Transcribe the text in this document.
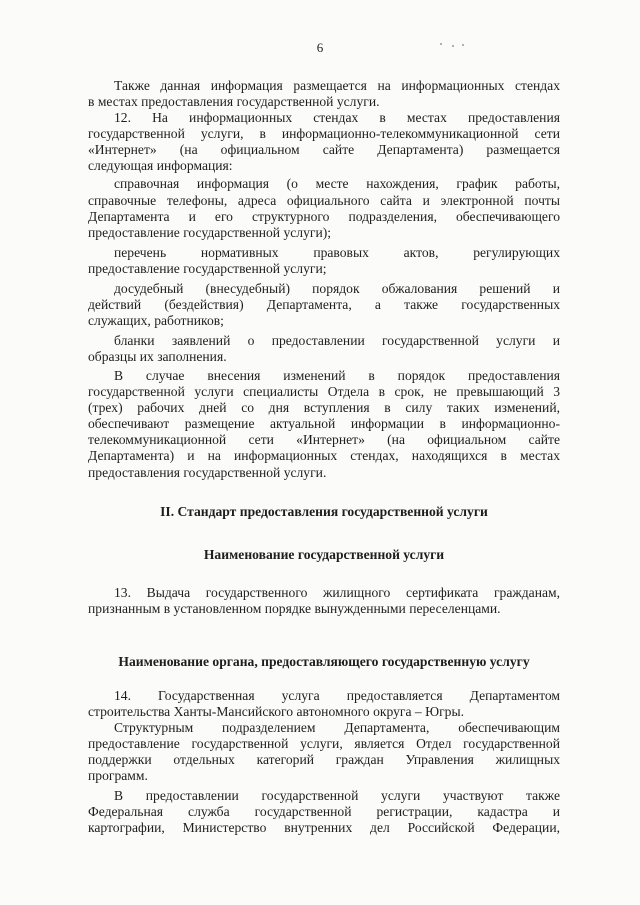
6

Также данная информация размещается на информационных стендах

в местах предоставления государственной услуги.

12. На информационных стендах в местах предоставления

государственной услуги, в информационно-телекоммуникационной сети

«Интернет» (на официальном сайте Департамента) размещается

следующая информация:

справочная информация (о месте нахождения, график работы,

справочные телефоны, адреса официального сайта и электронной почты

Департамента и его структурного подразделения, обеспечивающего

предоставление государственной услуги);

перечень нормативных правовых актов, регулирующих

предоставление государственной услуги;

досудебный (внесудебный) порядок обжалования решений и

действий (бездействия) Департамента, а также государственных

служащих, работников;

бланки заявлений о предоставлении государственной услуги и

образцы их заполнения.

В случае внесения изменений в порядок предоставления

государственной услуги специалисты Отдела в срок, не превышающий 3

(трех) рабочих дней со дня вступления в силу таких изменений,

обеспечивают размещение актуальной информации в информационно-

телекоммуникационной сети «Интернет» (на официальном сайте

Департамента) и на информационных стендах, находящихся в местах

предоставления государственной услуги.

II. Стандарт предоставления государственной услуги
Наименование государственной услуги

13. Выдача государственного жилищного сертификата гражданам,

признанным в установленном порядке вынужденными переселенцами.

Наименование органа, предоставляющего государственную услугу

14. Государственная услуга предоставляется Департаментом

строительства Ханты-Мансийского автономного округа – Югры.

Структурным подразделением Департамента, обеспечивающим

предоставление государственной услуги, является Отдел государственной

поддержки отдельных категорий граждан Управления жилищных

программ.

В предоставлении государственной услуги участвуют также

Федеральная служба государственной регистрации, кадастра и

картографии, Министерство внутренних дел Российской Федерации,
